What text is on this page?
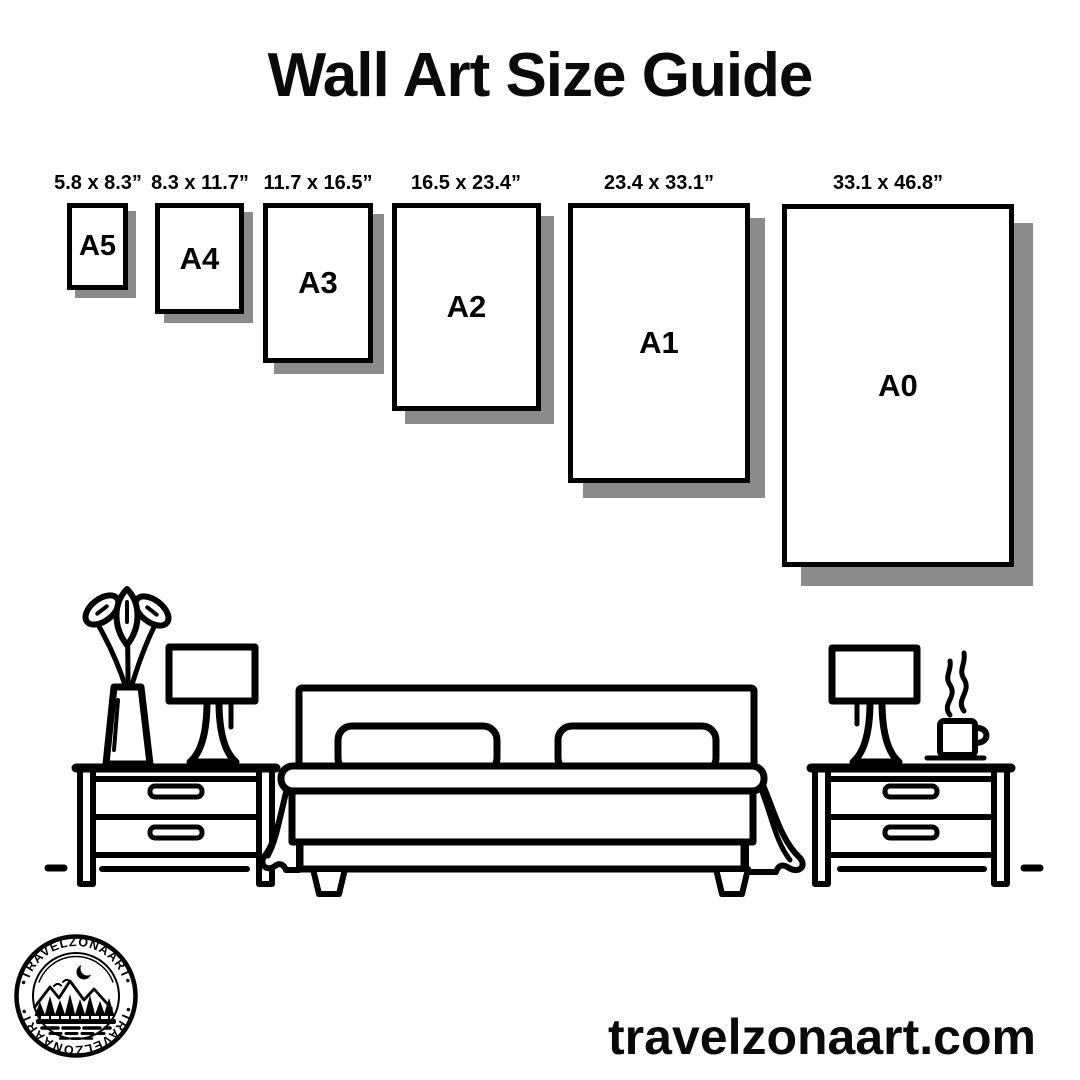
Wall Art Size Guide
5.8 x 8.3” 8.3 x 11.7” 11.7 x 16.5”	16.5 x 23.4”	23.4 x 33.1”	33.1 x 46.8”
A5 A4
A3
A2
A1
A0
•TRAVELZONAART•
•TRAVELZONAART•	travelzonaart.com
